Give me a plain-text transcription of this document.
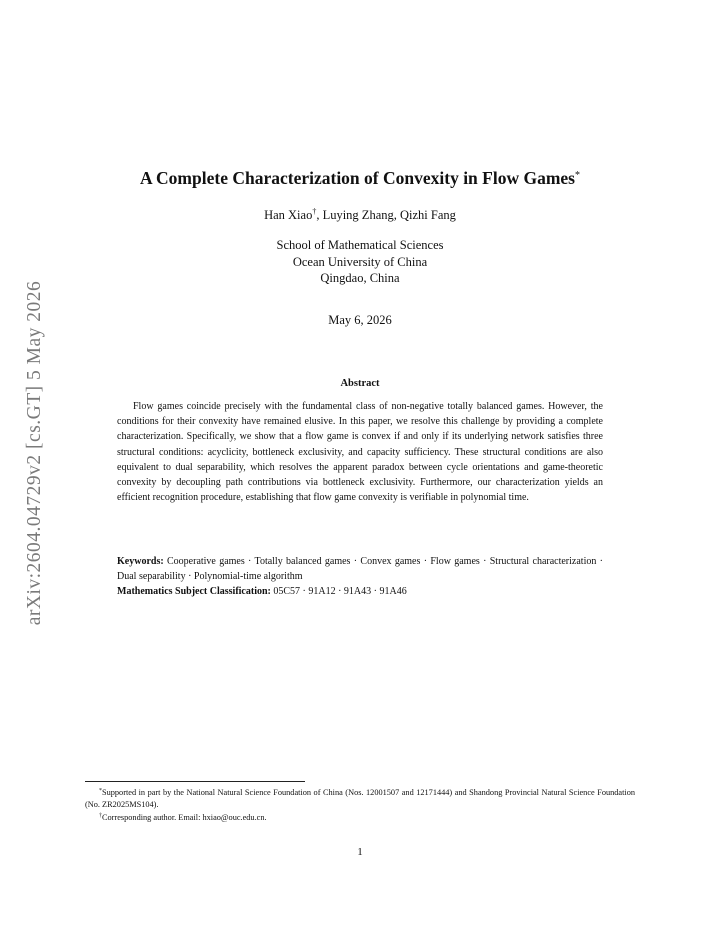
arXiv:2604.04729v2 [cs.GT] 5 May 2026
A Complete Characterization of Convexity in Flow Games*
Han Xiao†, Luying Zhang, Qizhi Fang
School of Mathematical Sciences
Ocean University of China
Qingdao, China
May 6, 2026
Abstract
Flow games coincide precisely with the fundamental class of non-negative totally balanced games. However, the conditions for their convexity have remained elusive. In this paper, we resolve this challenge by providing a complete characterization. Specifically, we show that a flow game is convex if and only if its underlying network satisfies three structural conditions: acyclicity, bottleneck exclusivity, and capacity sufficiency. These structural conditions are also equivalent to dual separability, which resolves the apparent paradox between cycle orientations and game-theoretic convexity by decoupling path contributions via bottleneck exclusivity. Furthermore, our characterization yields an efficient recognition procedure, establishing that flow game convexity is verifiable in polynomial time.
Keywords: Cooperative games · Totally balanced games · Convex games · Flow games · Structural characterization · Dual separability · Polynomial-time algorithm
Mathematics Subject Classification: 05C57 · 91A12 · 91A43 · 91A46
*Supported in part by the National Natural Science Foundation of China (Nos. 12001507 and 12171444) and Shandong Provincial Natural Science Foundation (No. ZR2025MS104).
†Corresponding author. Email: hxiao@ouc.edu.cn.
1
